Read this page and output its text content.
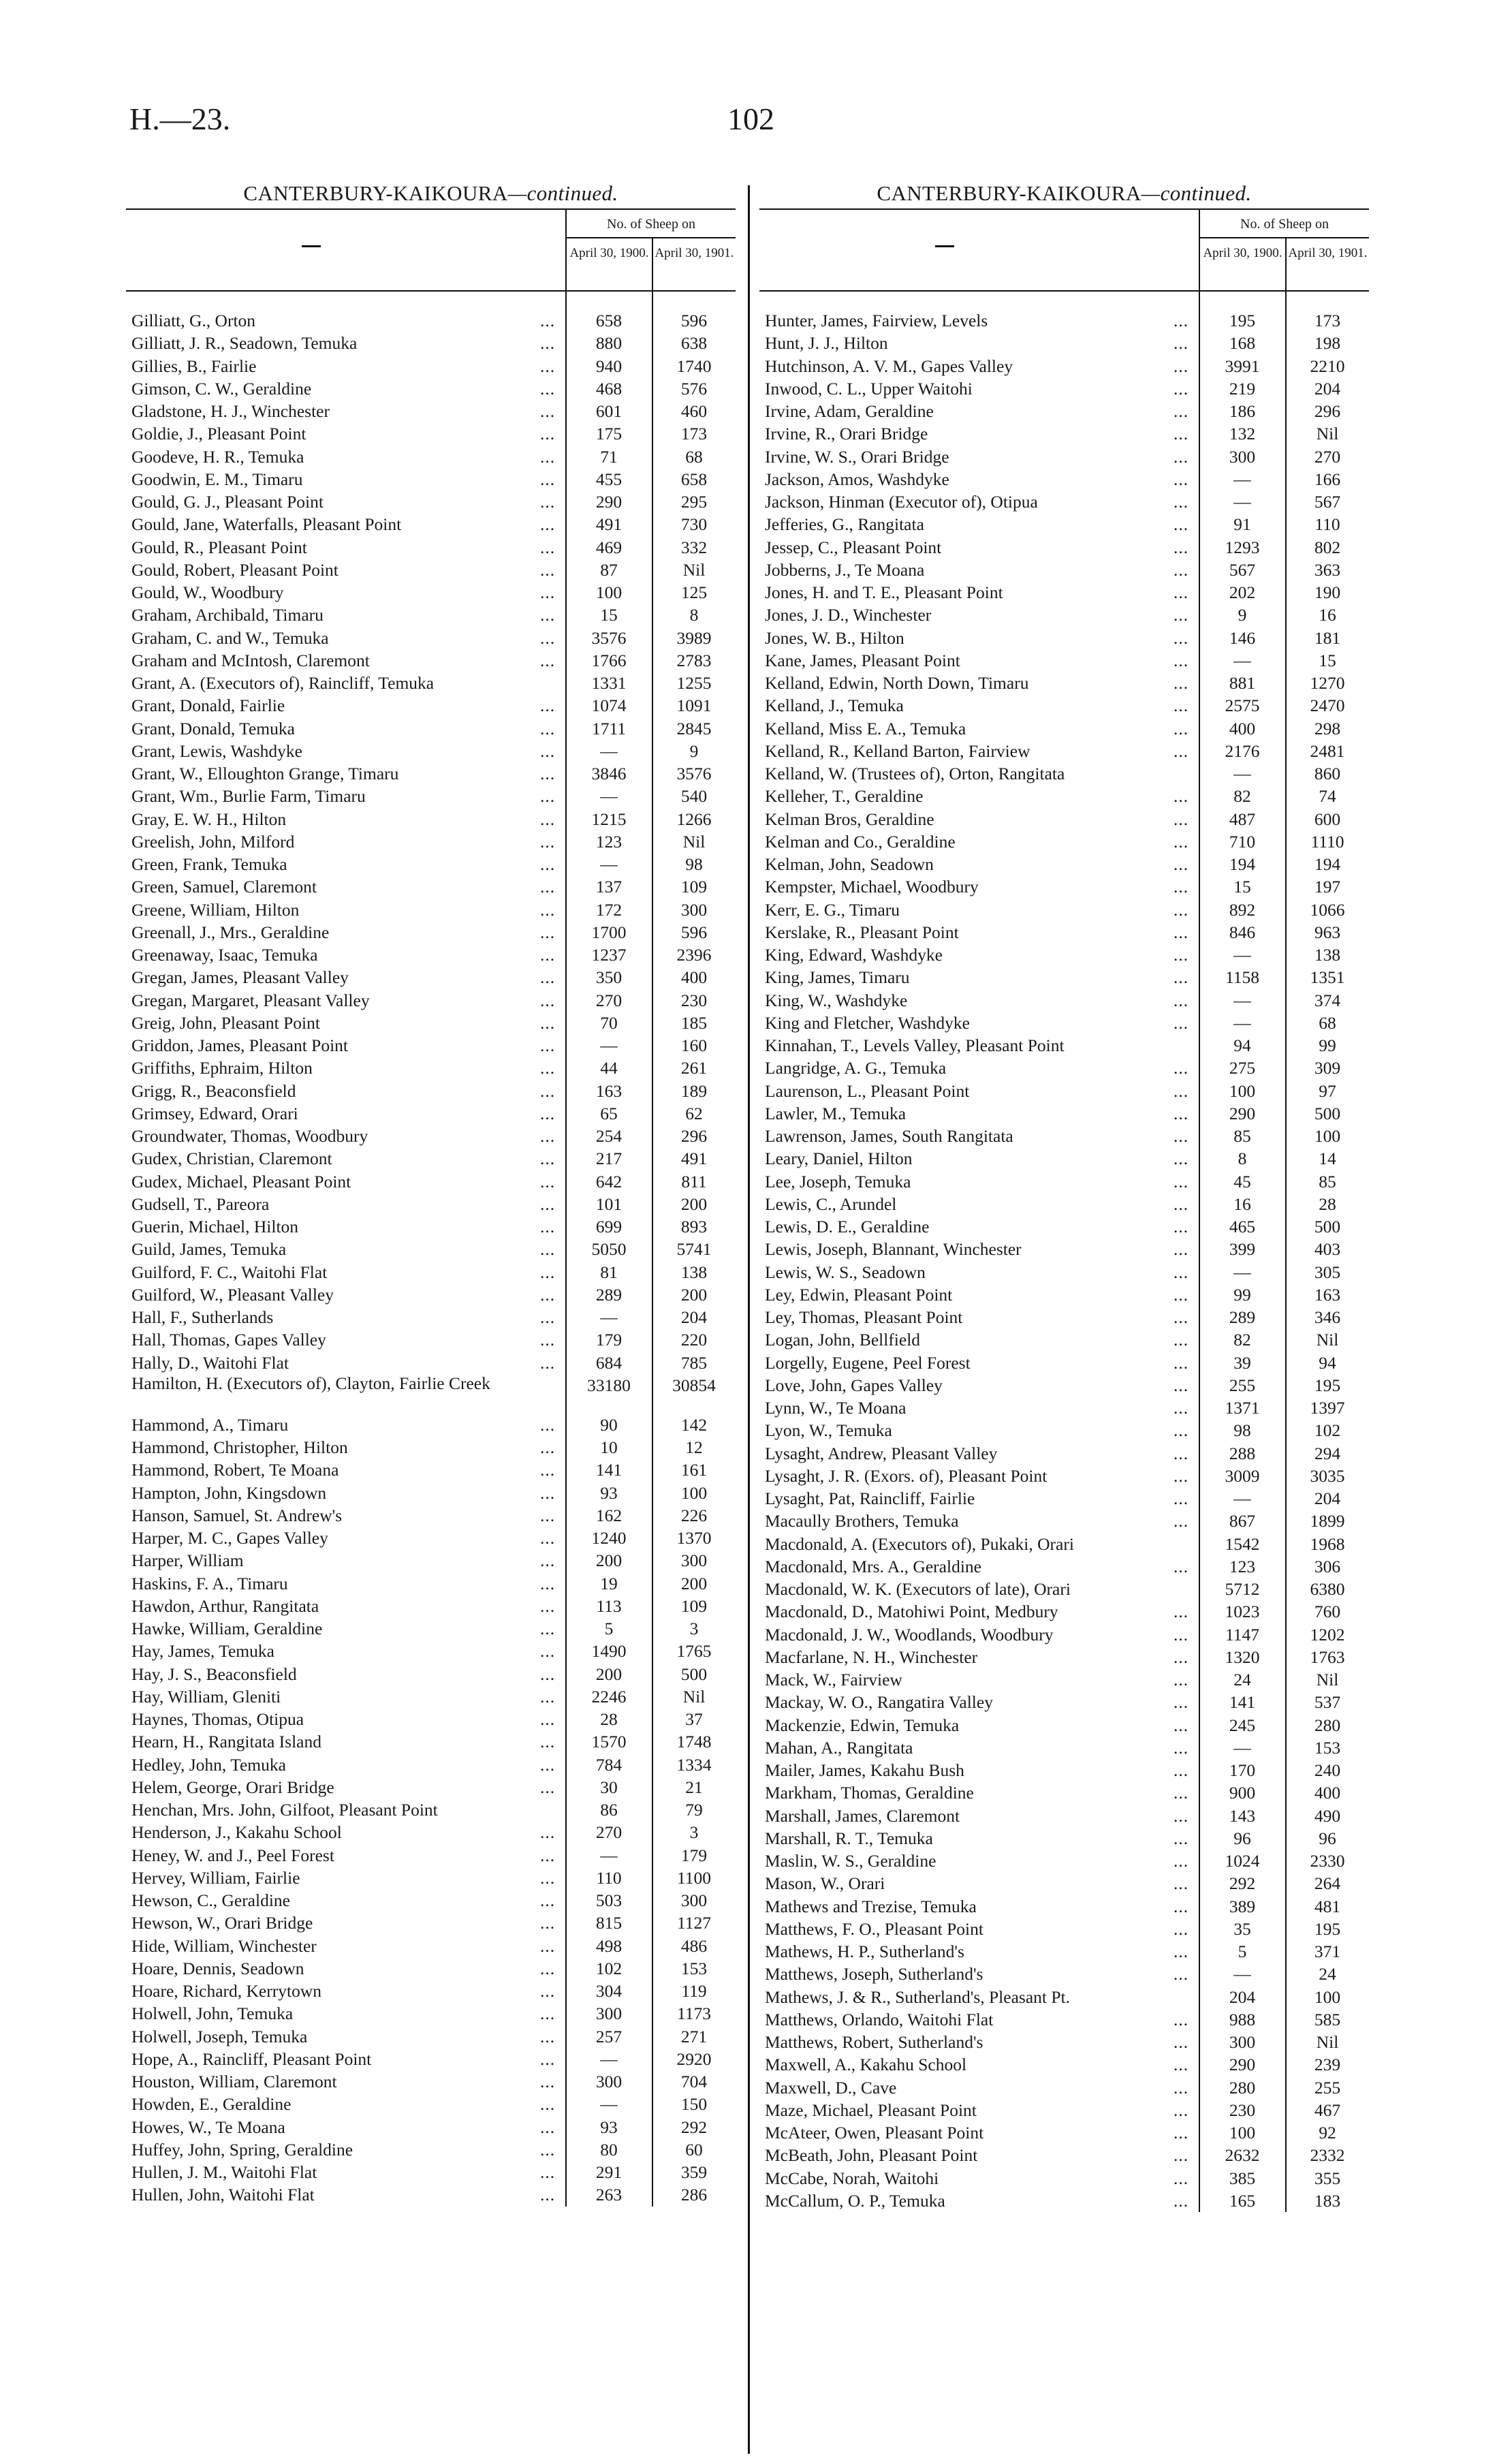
H.—23.	102
CANTERBURY-KAIKOURA—continued.
No. of Sheep on
April 30, 1900. April 30, 1901.
Gilliatt, G., Orton	...	658	596
Gilliatt, J. R., Seadown, Temuka	...	880	638
Gillies, B., Fairlie	...	940	1740
Gimson, C. W., Geraldine	...	468	576
Gladstone, H. J., Winchester	...	601	460
Goldie, J., Pleasant Point	...	175	173
Goodeve, H. R., Temuka	...	71	68
Goodwin, E. M., Timaru	...	455	658
Gould, G. J., Pleasant Point	...	290	295
Gould, Jane, Waterfalls, Pleasant Point	...	491	730
Gould, R., Pleasant Point	...	469	332
Gould, Robert, Pleasant Point	...	87	Nil
Gould, W., Woodbury	...	100	125
Graham, Archibald, Timaru	...	15	8
Graham, C. and W., Temuka	...	3576	3989
Graham and McIntosh, Claremont	...	1766	2783
Grant, A. (Executors of), Raincliff, Temuka	1331	1255
Grant, Donald, Fairlie	...	1074	1091
Grant, Donald, Temuka	...	1711	2845
Grant, Lewis, Washdyke	...	—	9
Grant, W., Elloughton Grange, Timaru	...	3846	3576
Grant, Wm., Burlie Farm, Timaru	...	—	540
Gray, E. W. H., Hilton	...	1215	1266
Greelish, John, Milford	...	123	Nil
Green, Frank, Temuka	...	—	98
Green, Samuel, Claremont	...	137	109
Greene, William, Hilton	...	172	300
Greenall, J., Mrs., Geraldine	...	1700	596
Greenaway, Isaac, Temuka	...	1237	2396
Gregan, James, Pleasant Valley	...	350	400
Gregan, Margaret, Pleasant Valley	...	270	230
Greig, John, Pleasant Point	...	70	185
Griddon, James, Pleasant Point	...	—	160
Griffiths, Ephraim, Hilton	...	44	261
Grigg, R., Beaconsfield	...	163	189
Grimsey, Edward, Orari	...	65	62
Groundwater, Thomas, Woodbury	...	254	296
Gudex, Christian, Claremont	...	217	491
Gudex, Michael, Pleasant Point	...	642	811
Gudsell, T., Pareora	...	101	200
Guerin, Michael, Hilton	...	699	893
Guild, James, Temuka	...	5050	5741
Guilford, F. C., Waitohi Flat	...	81	138
Guilford, W., Pleasant Valley	...	289	200
Hall, F., Sutherlands	...	—	204
Hall, Thomas, Gapes Valley	...	179	220
Hally, D., Waitohi Flat	...	684	785
Hamilton, H. (Executors of), Clayton, Fairlie Creek	33180	30854
Hammond, A., Timaru	...	90	142
Hammond, Christopher, Hilton	...	10	12
Hammond, Robert, Te Moana	...	141	161
Hampton, John, Kingsdown	...	93	100
Hanson, Samuel, St. Andrew's	...	162	226
Harper, M. C., Gapes Valley	...	1240	1370
Harper, William	...	200	300
Haskins, F. A., Timaru	...	19	200
Hawdon, Arthur, Rangitata	...	113	109
Hawke, William, Geraldine	...	5	3
Hay, James, Temuka	...	1490	1765
Hay, J. S., Beaconsfield	...	200	500
Hay, William, Gleniti	...	2246	Nil
Haynes, Thomas, Otipua	...	28	37
Hearn, H., Rangitata Island	...	1570	1748
Hedley, John, Temuka	...	784	1334
Helem, George, Orari Bridge	...	30	21
Henchan, Mrs. John, Gilfoot, Pleasant Point	86	79
Henderson, J., Kakahu School	...	270	3
Heney, W. and J., Peel Forest	...	—	179
Hervey, William, Fairlie	...	110	1100
Hewson, C., Geraldine	...	503	300
Hewson, W., Orari Bridge	...	815	1127
Hide, William, Winchester	...	498	486
Hoare, Dennis, Seadown	...	102	153
Hoare, Richard, Kerrytown	...	304	119
Holwell, John, Temuka	...	300	1173
Holwell, Joseph, Temuka	...	257	271
Hope, A., Raincliff, Pleasant Point	...	—	2920
Houston, William, Claremont	...	300	704
Howden, E., Geraldine	...	—	150
Howes, W., Te Moana	...	93	292
Huffey, John, Spring, Geraldine	...	80	60
Hullen, J. M., Waitohi Flat	...	291	359
Hullen, John, Waitohi Flat	...	263	286
CANTERBURY-KAIKOURA—continued.
No. of Sheep on
April 30, 1900. April 30, 1901.
Hunter, James, Fairview, Levels	...	195	173
Hunt, J. J., Hilton	...	168	198
Hutchinson, A. V. M., Gapes Valley	...	3991	2210
Inwood, C. L., Upper Waitohi	...	219	204
Irvine, Adam, Geraldine	...	186	296
Irvine, R., Orari Bridge	...	132	Nil
Irvine, W. S., Orari Bridge	...	300	270
Jackson, Amos, Washdyke	...	—	166
Jackson, Hinman (Executor of), Otipua	...	—	567
Jefferies, G., Rangitata	...	91	110
Jessep, C., Pleasant Point	...	1293	802
Jobberns, J., Te Moana	...	567	363
Jones, H. and T. E., Pleasant Point	...	202	190
Jones, J. D., Winchester	...	9	16
Jones, W. B., Hilton	...	146	181
Kane, James, Pleasant Point	...	—	15
Kelland, Edwin, North Down, Timaru	...	881	1270
Kelland, J., Temuka	...	2575	2470
Kelland, Miss E. A., Temuka	...	400	298
Kelland, R., Kelland Barton, Fairview	...	2176	2481
Kelland, W. (Trustees of), Orton, Rangitata	—	860
Kelleher, T., Geraldine	...	82	74
Kelman Bros, Geraldine	...	487	600
Kelman and Co., Geraldine	...	710	1110
Kelman, John, Seadown	...	194	194
Kempster, Michael, Woodbury	...	15	197
Kerr, E. G., Timaru	...	892	1066
Kerslake, R., Pleasant Point	...	846	963
King, Edward, Washdyke	...	—	138
King, James, Timaru	...	1158	1351
King, W., Washdyke	...	—	374
King and Fletcher, Washdyke	...	—	68
Kinnahan, T., Levels Valley, Pleasant Point	94	99
Langridge, A. G., Temuka	...	275	309
Laurenson, L., Pleasant Point	...	100	97
Lawler, M., Temuka	...	290	500
Lawrenson, James, South Rangitata	...	85	100
Leary, Daniel, Hilton	...	8	14
Lee, Joseph, Temuka	...	45	85
Lewis, C., Arundel	...	16	28
Lewis, D. E., Geraldine	...	465	500
Lewis, Joseph, Blannant, Winchester	...	399	403
Lewis, W. S., Seadown	...	—	305
Ley, Edwin, Pleasant Point	...	99	163
Ley, Thomas, Pleasant Point	...	289	346
Logan, John, Bellfield	...	82	Nil
Lorgelly, Eugene, Peel Forest	...	39	94
Love, John, Gapes Valley	...	255	195
Lynn, W., Te Moana	...	1371	1397
Lyon, W., Temuka	...	98	102
Lysaght, Andrew, Pleasant Valley	...	288	294
Lysaght, J. R. (Exors. of), Pleasant Point	...	3009	3035
Lysaght, Pat, Raincliff, Fairlie	...	—	204
Macaully Brothers, Temuka	...	867	1899
Macdonald, A. (Executors of), Pukaki, Orari	1542	1968
Macdonald, Mrs. A., Geraldine	...	123	306
Macdonald, W. K. (Executors of late), Orari	5712	6380
Macdonald, D., Matohiwi Point, Medbury	...	1023	760
Macdonald, J. W., Woodlands, Woodbury	...	1147	1202
Macfarlane, N. H., Winchester	...	1320	1763
Mack, W., Fairview	...	24	Nil
Mackay, W. O., Rangatira Valley	...	141	537
Mackenzie, Edwin, Temuka	...	245	280
Mahan, A., Rangitata	...	—	153
Mailer, James, Kakahu Bush	...	170	240
Markham, Thomas, Geraldine	...	900	400
Marshall, James, Claremont	...	143	490
Marshall, R. T., Temuka	...	96	96
Maslin, W. S., Geraldine	...	1024	2330
Mason, W., Orari	...	292	264
Mathews and Trezise, Temuka	...	389	481
Matthews, F. O., Pleasant Point	...	35	195
Mathews, H. P., Sutherland's	...	5	371
Matthews, Joseph, Sutherland's	...	—	24
Mathews, J. & R., Sutherland's, Pleasant Pt.	204	100
Matthews, Orlando, Waitohi Flat	...	988	585
Matthews, Robert, Sutherland's	...	300	Nil
Maxwell, A., Kakahu School	...	290	239
Maxwell, D., Cave	...	280	255
Maze, Michael, Pleasant Point	...	230	467
McAteer, Owen, Pleasant Point	...	100	92
McBeath, John, Pleasant Point	...	2632	2332
McCabe, Norah, Waitohi	...	385	355
McCallum, O. P., Temuka	...	165	183
